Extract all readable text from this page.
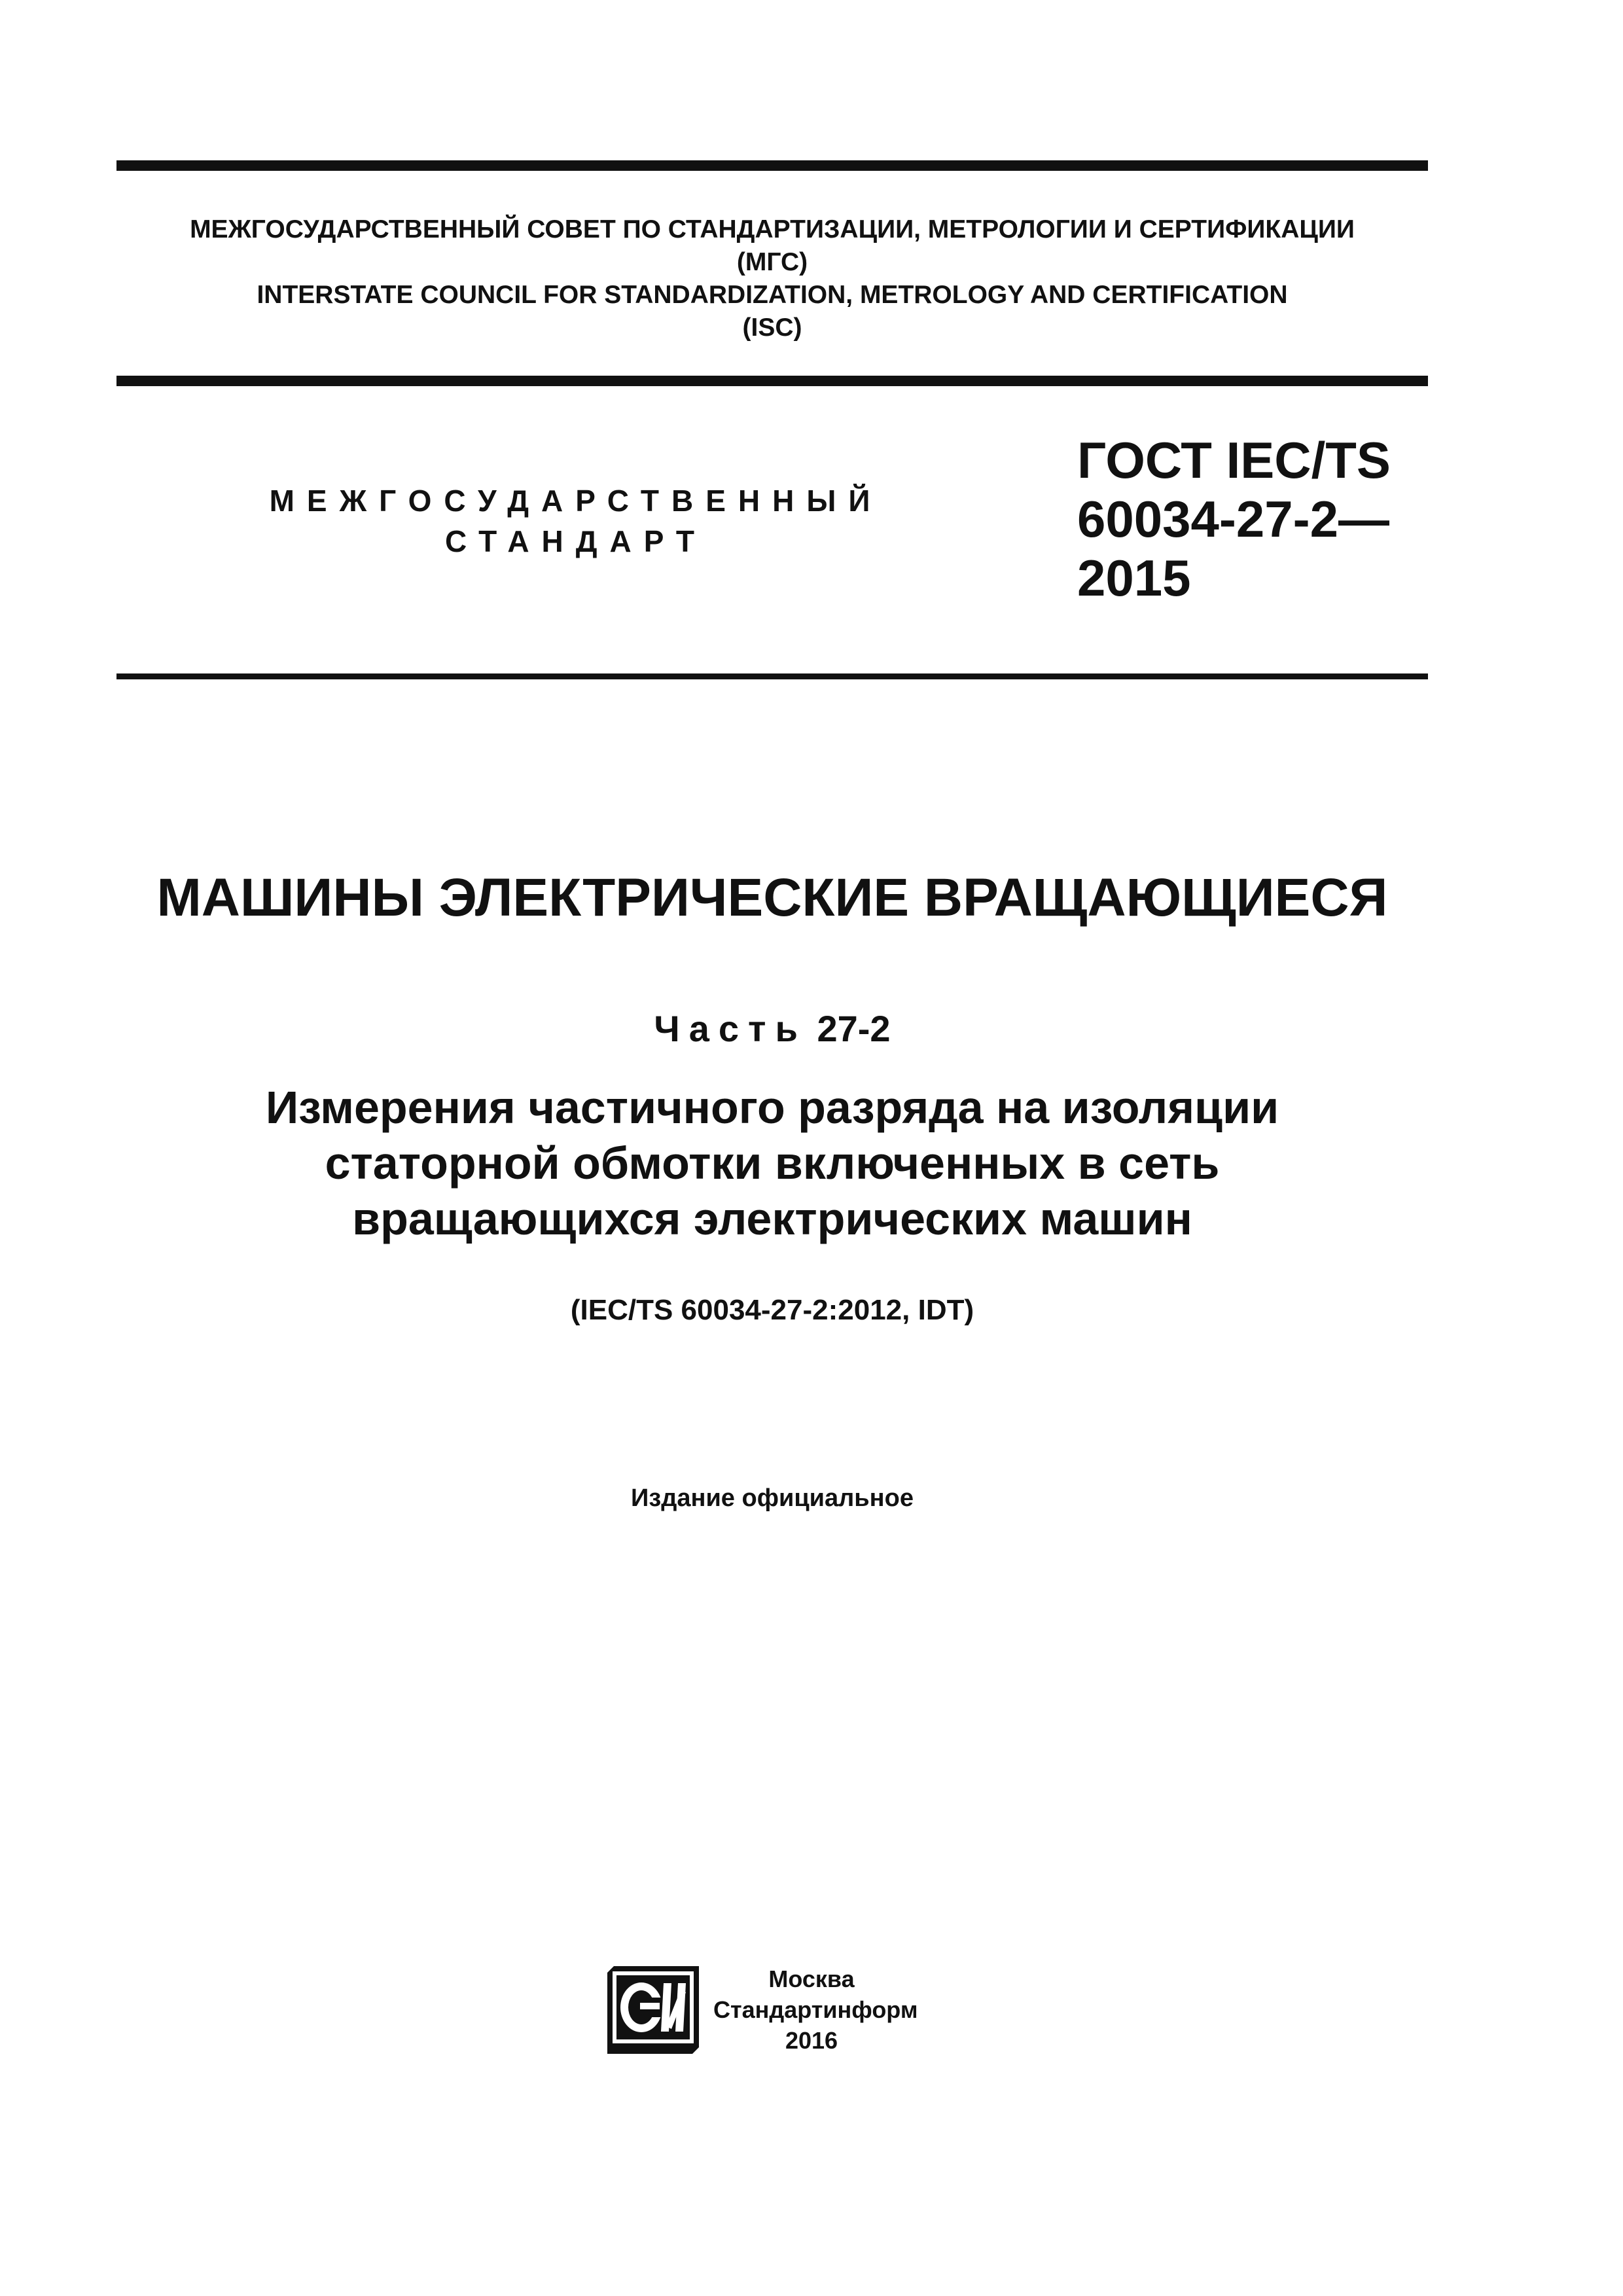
МЕЖГОСУДАРСТВЕННЫЙ СОВЕТ ПО СТАНДАРТИЗАЦИИ, МЕТРОЛОГИИ И СЕРТИФИКАЦИИ
(МГС)
INTERSTATE COUNCIL FOR STANDARDIZATION, METROLOGY AND CERTIFICATION
(ISC)
МЕЖГОСУДАРСТВЕННЫЙ
СТАНДАРТ
ГОСТ IEC/TS
60034-27-2—
2015
МАШИНЫ ЭЛЕКТРИЧЕСКИЕ ВРАЩАЮЩИЕСЯ
Часть 27-2
Измерения частичного разряда на изоляции
статорной обмотки включенных в сеть
вращающихся электрических машин
(IEC/TS 60034-27-2:2012, IDT)
Издание официальное
Москва
Стандартинформ
2016
